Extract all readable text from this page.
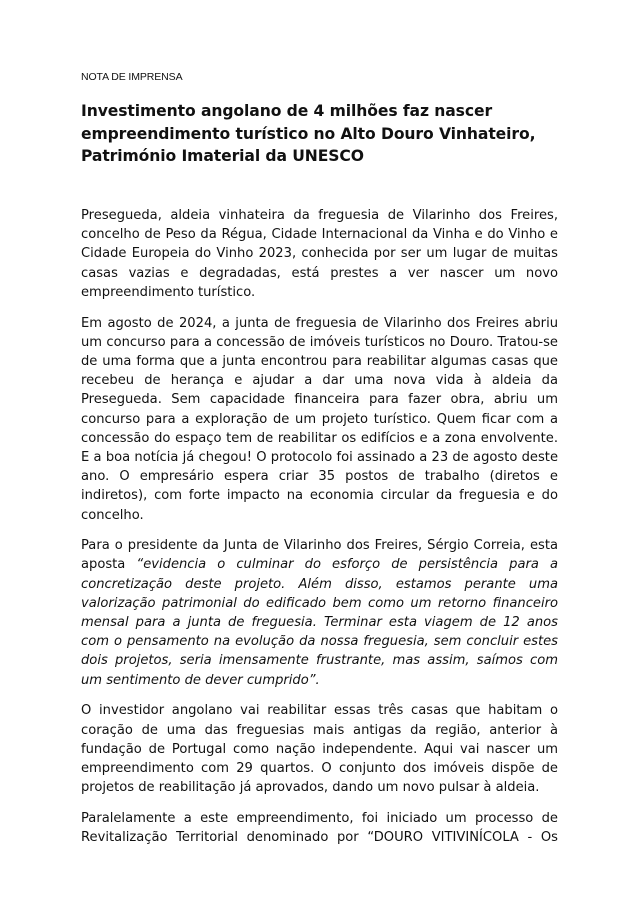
NOTA DE IMPRENSA
Investimento angolano de 4 milhões faz nascer empreendimento turístico no Alto Douro Vinhateiro, Património Imaterial da UNESCO

Presegueda, aldeia vinhateira da freguesia de Vilarinho dos Freires, concelho de Peso da Régua, Cidade Internacional da Vinha e do Vinho e Cidade Europeia do Vinho 2023, conhecida por ser um lugar de muitas casas vazias e degradadas, está prestes a ver nascer um novo empreendimento turístico.

Em agosto de 2024, a junta de freguesia de Vilarinho dos Freires abriu um concurso para a concessão de imóveis turísticos no Douro. Tratou-se de uma forma que a junta encontrou para reabilitar algumas casas que recebeu de herança e ajudar a dar uma nova vida à aldeia da Presegueda. Sem capacidade financeira para fazer obra, abriu um concurso para a exploração de um projeto turístico. Quem ficar com a concessão do espaço tem de reabilitar os edifícios e a zona envolvente. E a boa notícia já chegou! O protocolo foi assinado a 23 de agosto deste ano. O empresário espera criar 35 postos de trabalho (diretos e indiretos), com forte impacto na economia circular da freguesia e do concelho.

Para o presidente da Junta de Vilarinho dos Freires, Sérgio Correia, esta aposta “evidencia o culminar do esforço de persistência para a concretização deste projeto. Além disso, estamos perante uma valorização patrimonial do edificado bem como um retorno financeiro mensal para a junta de freguesia. Terminar esta viagem de 12 anos com o pensamento na evolução da nossa freguesia, sem concluir estes dois projetos, seria imensamente frustrante, mas assim, saímos com um sentimento de dever cumprido”.

O investidor angolano vai reabilitar essas três casas que habitam o coração de uma das freguesias mais antigas da região, anterior à fundação de Portugal como nação independente. Aqui vai nascer um empreendimento com 29 quartos. O conjunto dos imóveis dispõe de projetos de reabilitação já aprovados, dando um novo pulsar à aldeia.

Paralelamente a este empreendimento, foi iniciado um processo de Revitalização Territorial denominado por “DOURO VITIVINÍCOLA - Os
